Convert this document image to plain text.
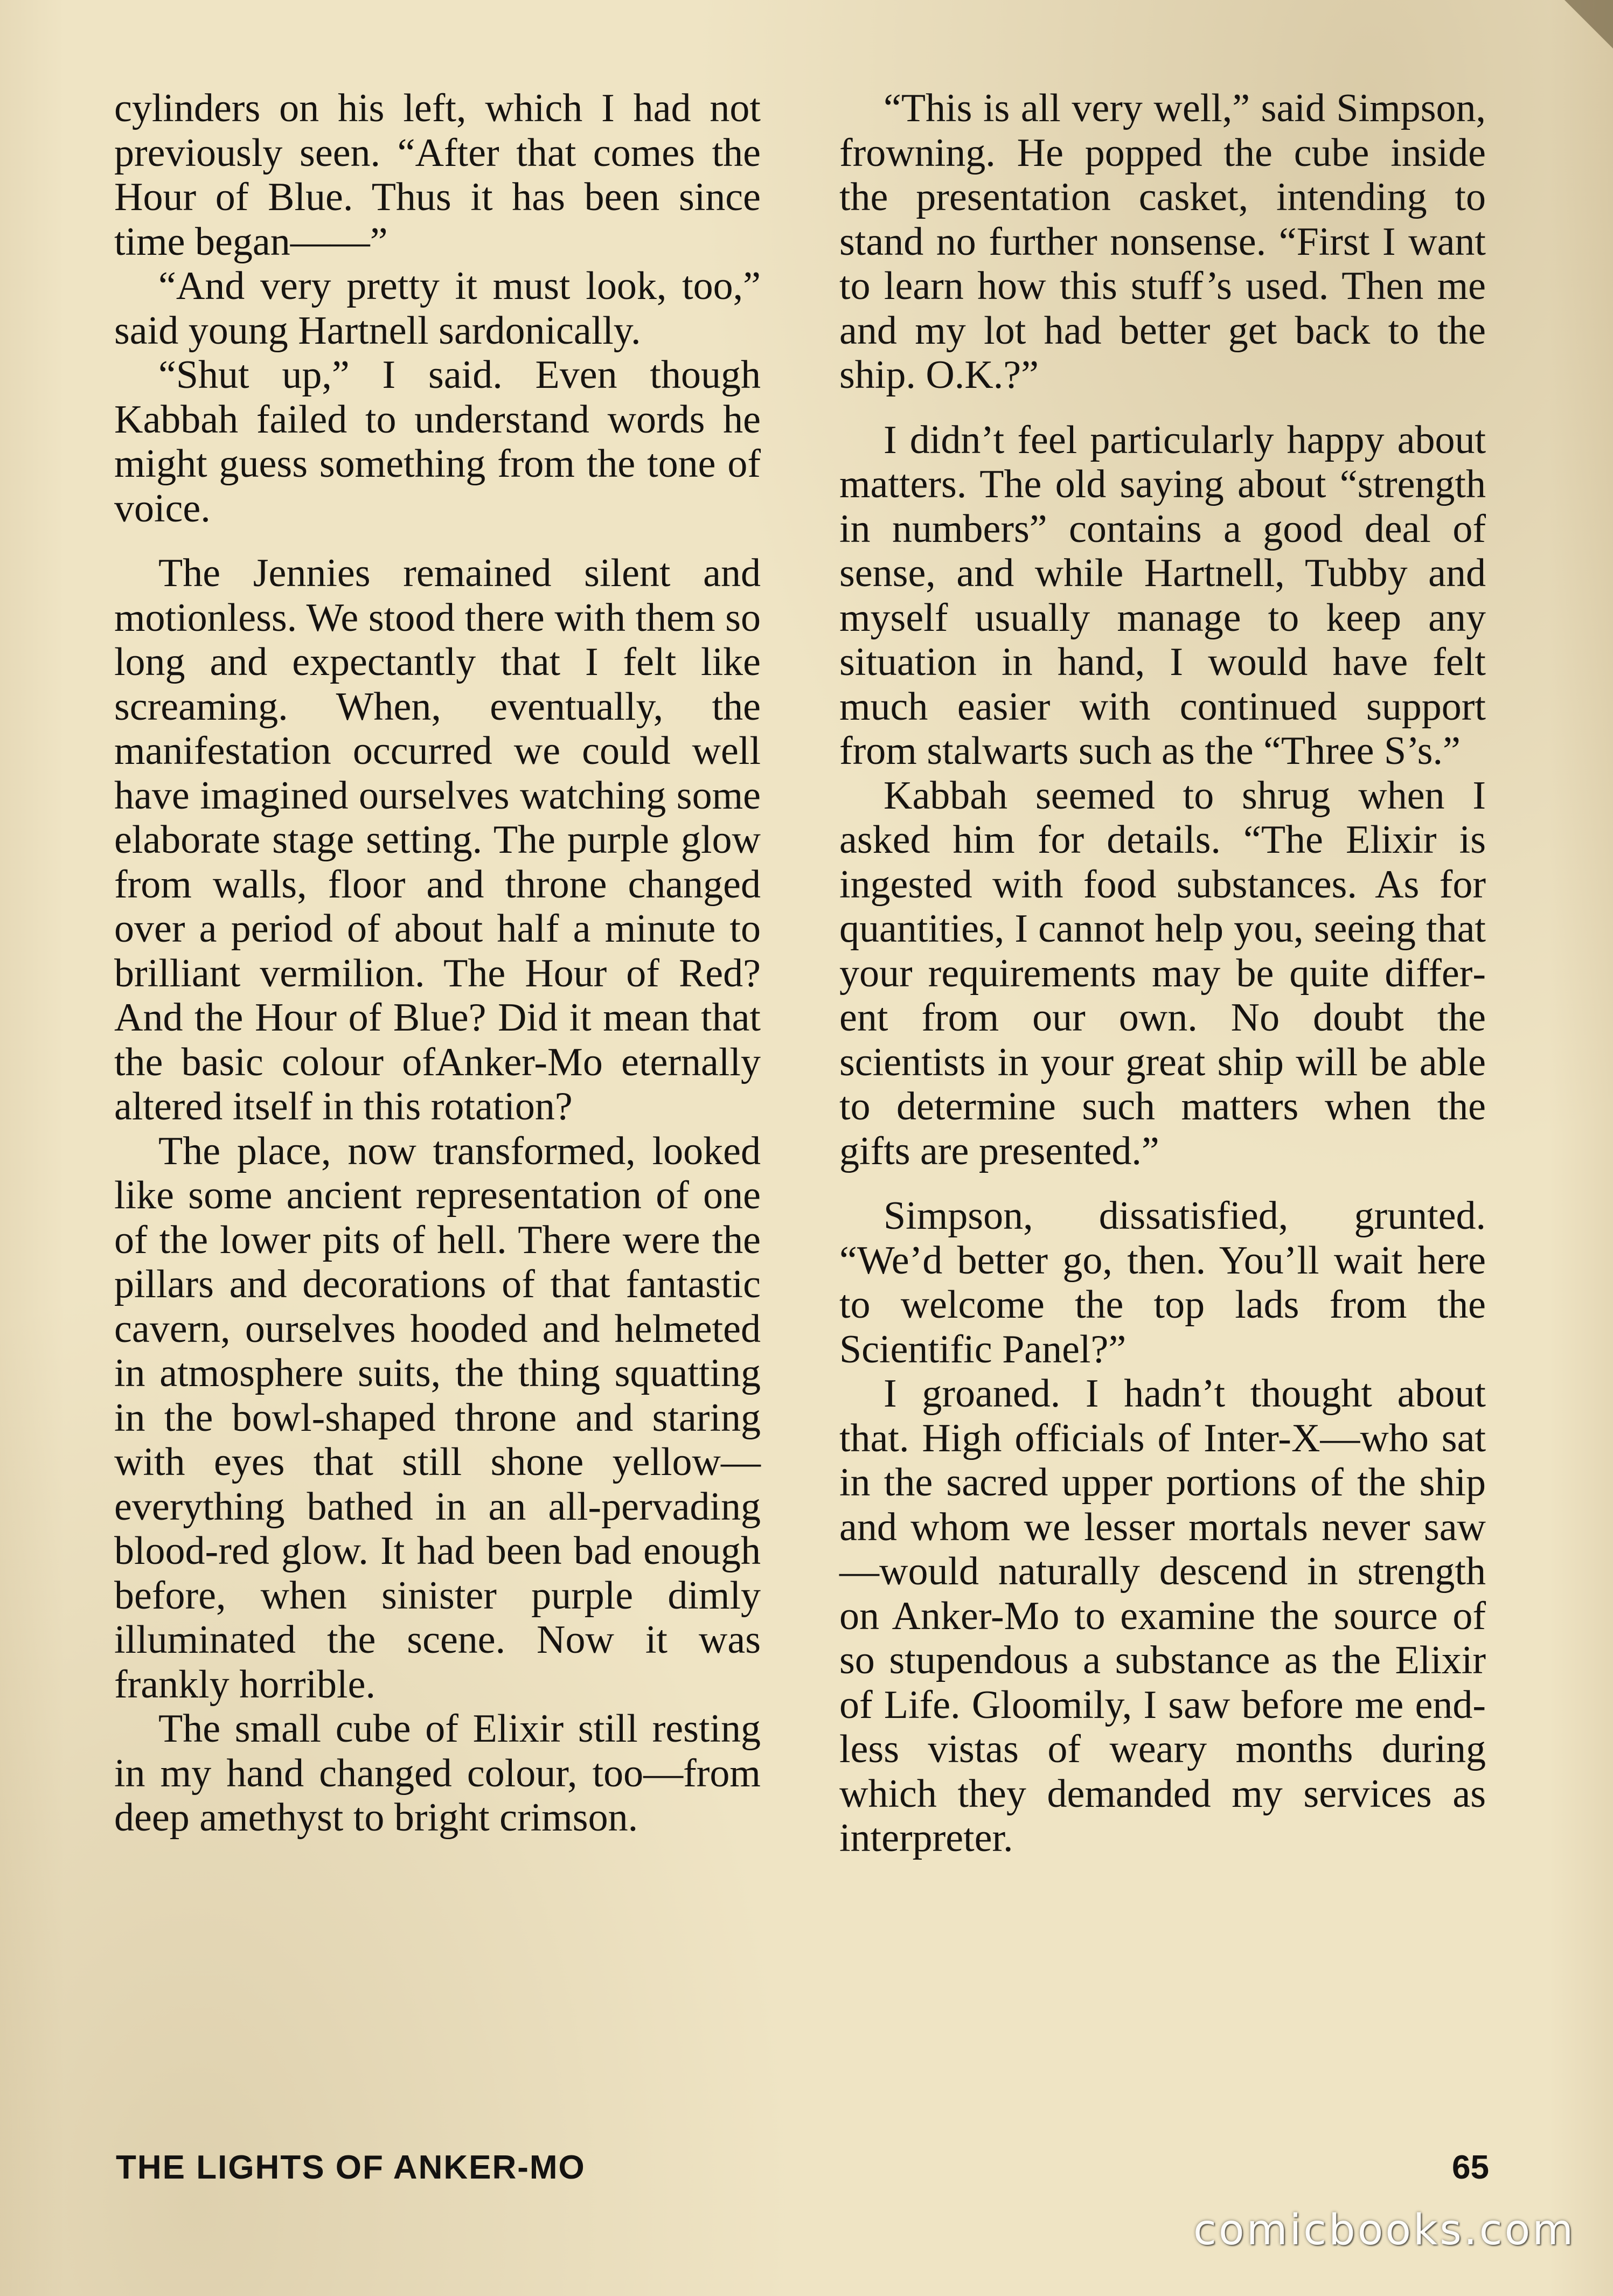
cylinders on his left, which I had not previously seen. “After that comes the Hour of Blue. Thus it has been since time began——”

“And very pretty it must look, too,” said young Hartnell sardonically.

“Shut up,” I said. Even though Kabbah failed to understand words he might guess something from the tone of voice.

The Jennies remained silent and motionless. We stood there with them so long and expectantly that I felt like screaming. When, eventually, the manifestation occurred we could well have imagined ourselves watching some elaborate stage setting. The purple glow from walls, floor and throne changed over a period of about half a minute to brilliant vermilion. The Hour of Red? And the Hour of Blue? Did it mean that the basic colour ofAnker-Mo eternally altered itself in this rotation?

The place, now transformed, looked like some ancient representation of one of the lower pits of hell. There were the pillars and decorations of that fantastic cavern, ourselves hooded and helmeted in atmosphere suits, the thing squatting in the bowl-shaped throne and staring with eyes that still shone yellow—everything bathed in an all-pervading blood-red glow. It had been bad enough before, when sinister purple dimly illuminated the scene. Now it was frankly horrible.

The small cube of Elixir still resting in my hand changed colour, too—from deep amethyst to bright crimson.

“This is all very well,” said Simpson, frowning. He popped the cube inside the presentation casket, intending to stand no further nonsense. “First I want to learn how this stuff’s used. Then me and my lot had better get back to the ship. O.K.?”

I didn’t feel particularly happy about matters. The old saying about “strength in numbers” contains a good deal of sense, and while Hartnell, Tubby and myself usually manage to keep any situation in hand, I would have felt much easier with continued support from stalwarts such as the “Three S’s.”

Kabbah seemed to shrug when I asked him for details. “The Elixir is ingested with food substances. As for quantities, I cannot help you, seeing that your requirements may be quite different from our own. No doubt the scientists in your great ship will be able to determine such matters when the gifts are presented.”

Simpson, dissatisfied, grunted. “We’d better go, then. You’ll wait here to welcome the top lads from the Scientific Panel?”

I groaned. I hadn’t thought about that. High officials of Inter-X—who sat in the sacred upper portions of the ship and whom we lesser mortals never saw—would naturally descend in strength on Anker-Mo to examine the source of so stupendous a substance as the Elixir of Life. Gloomily, I saw before me endless vistas of weary months during which they demanded my services as interpreter.

THE LIGHTS OF ANKER-MO	65
comicbooks.com
